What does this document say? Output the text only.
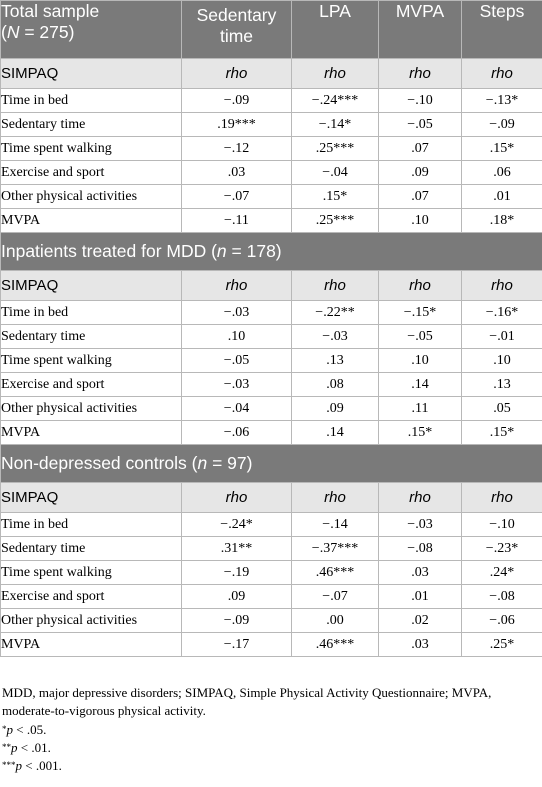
Total sample
(N = 275)	Sedentary time	LPA	MVPA	Steps
SIMPAQ	rho	rho	rho	rho
Time in bed	−.09	−.24***	−.10	−.13*
Sedentary time	.19***	−.14*	−.05	−.09
Time spent walking	−.12	.25***	.07	.15*
Exercise and sport	.03	−.04	.09	.06
Other physical activities	−.07	.15*	.07	.01
MVPA	−.11	.25***	.10	.18*
Inpatients treated for MDD (n = 178)				
SIMPAQ	rho	rho	rho	rho
Time in bed	−.03	−.22**	−.15*	−.16*
Sedentary time	.10	−.03	−.05	−.01
Time spent walking	−.05	.13	.10	.10
Exercise and sport	−.03	.08	.14	.13
Other physical activities	−.04	.09	.11	.05
MVPA	−.06	.14	.15*	.15*
Non-depressed controls (n = 97)				
SIMPAQ	rho	rho	rho	rho
Time in bed	−.24*	−.14	−.03	−.10
Sedentary time	.31**	−.37***	−.08	−.23*
Time spent walking	−.19	.46***	.03	.24*
Exercise and sport	.09	−.07	.01	−.08
Other physical activities	−.09	.00	.02	−.06
MVPA	−.17	.46***	.03	.25*
MDD, major depressive disorders; SIMPAQ, Simple Physical Activity Questionnaire; MVPA, moderate-to-vigorous physical activity.
*p < .05.
**p < .01.
***p < .001.
